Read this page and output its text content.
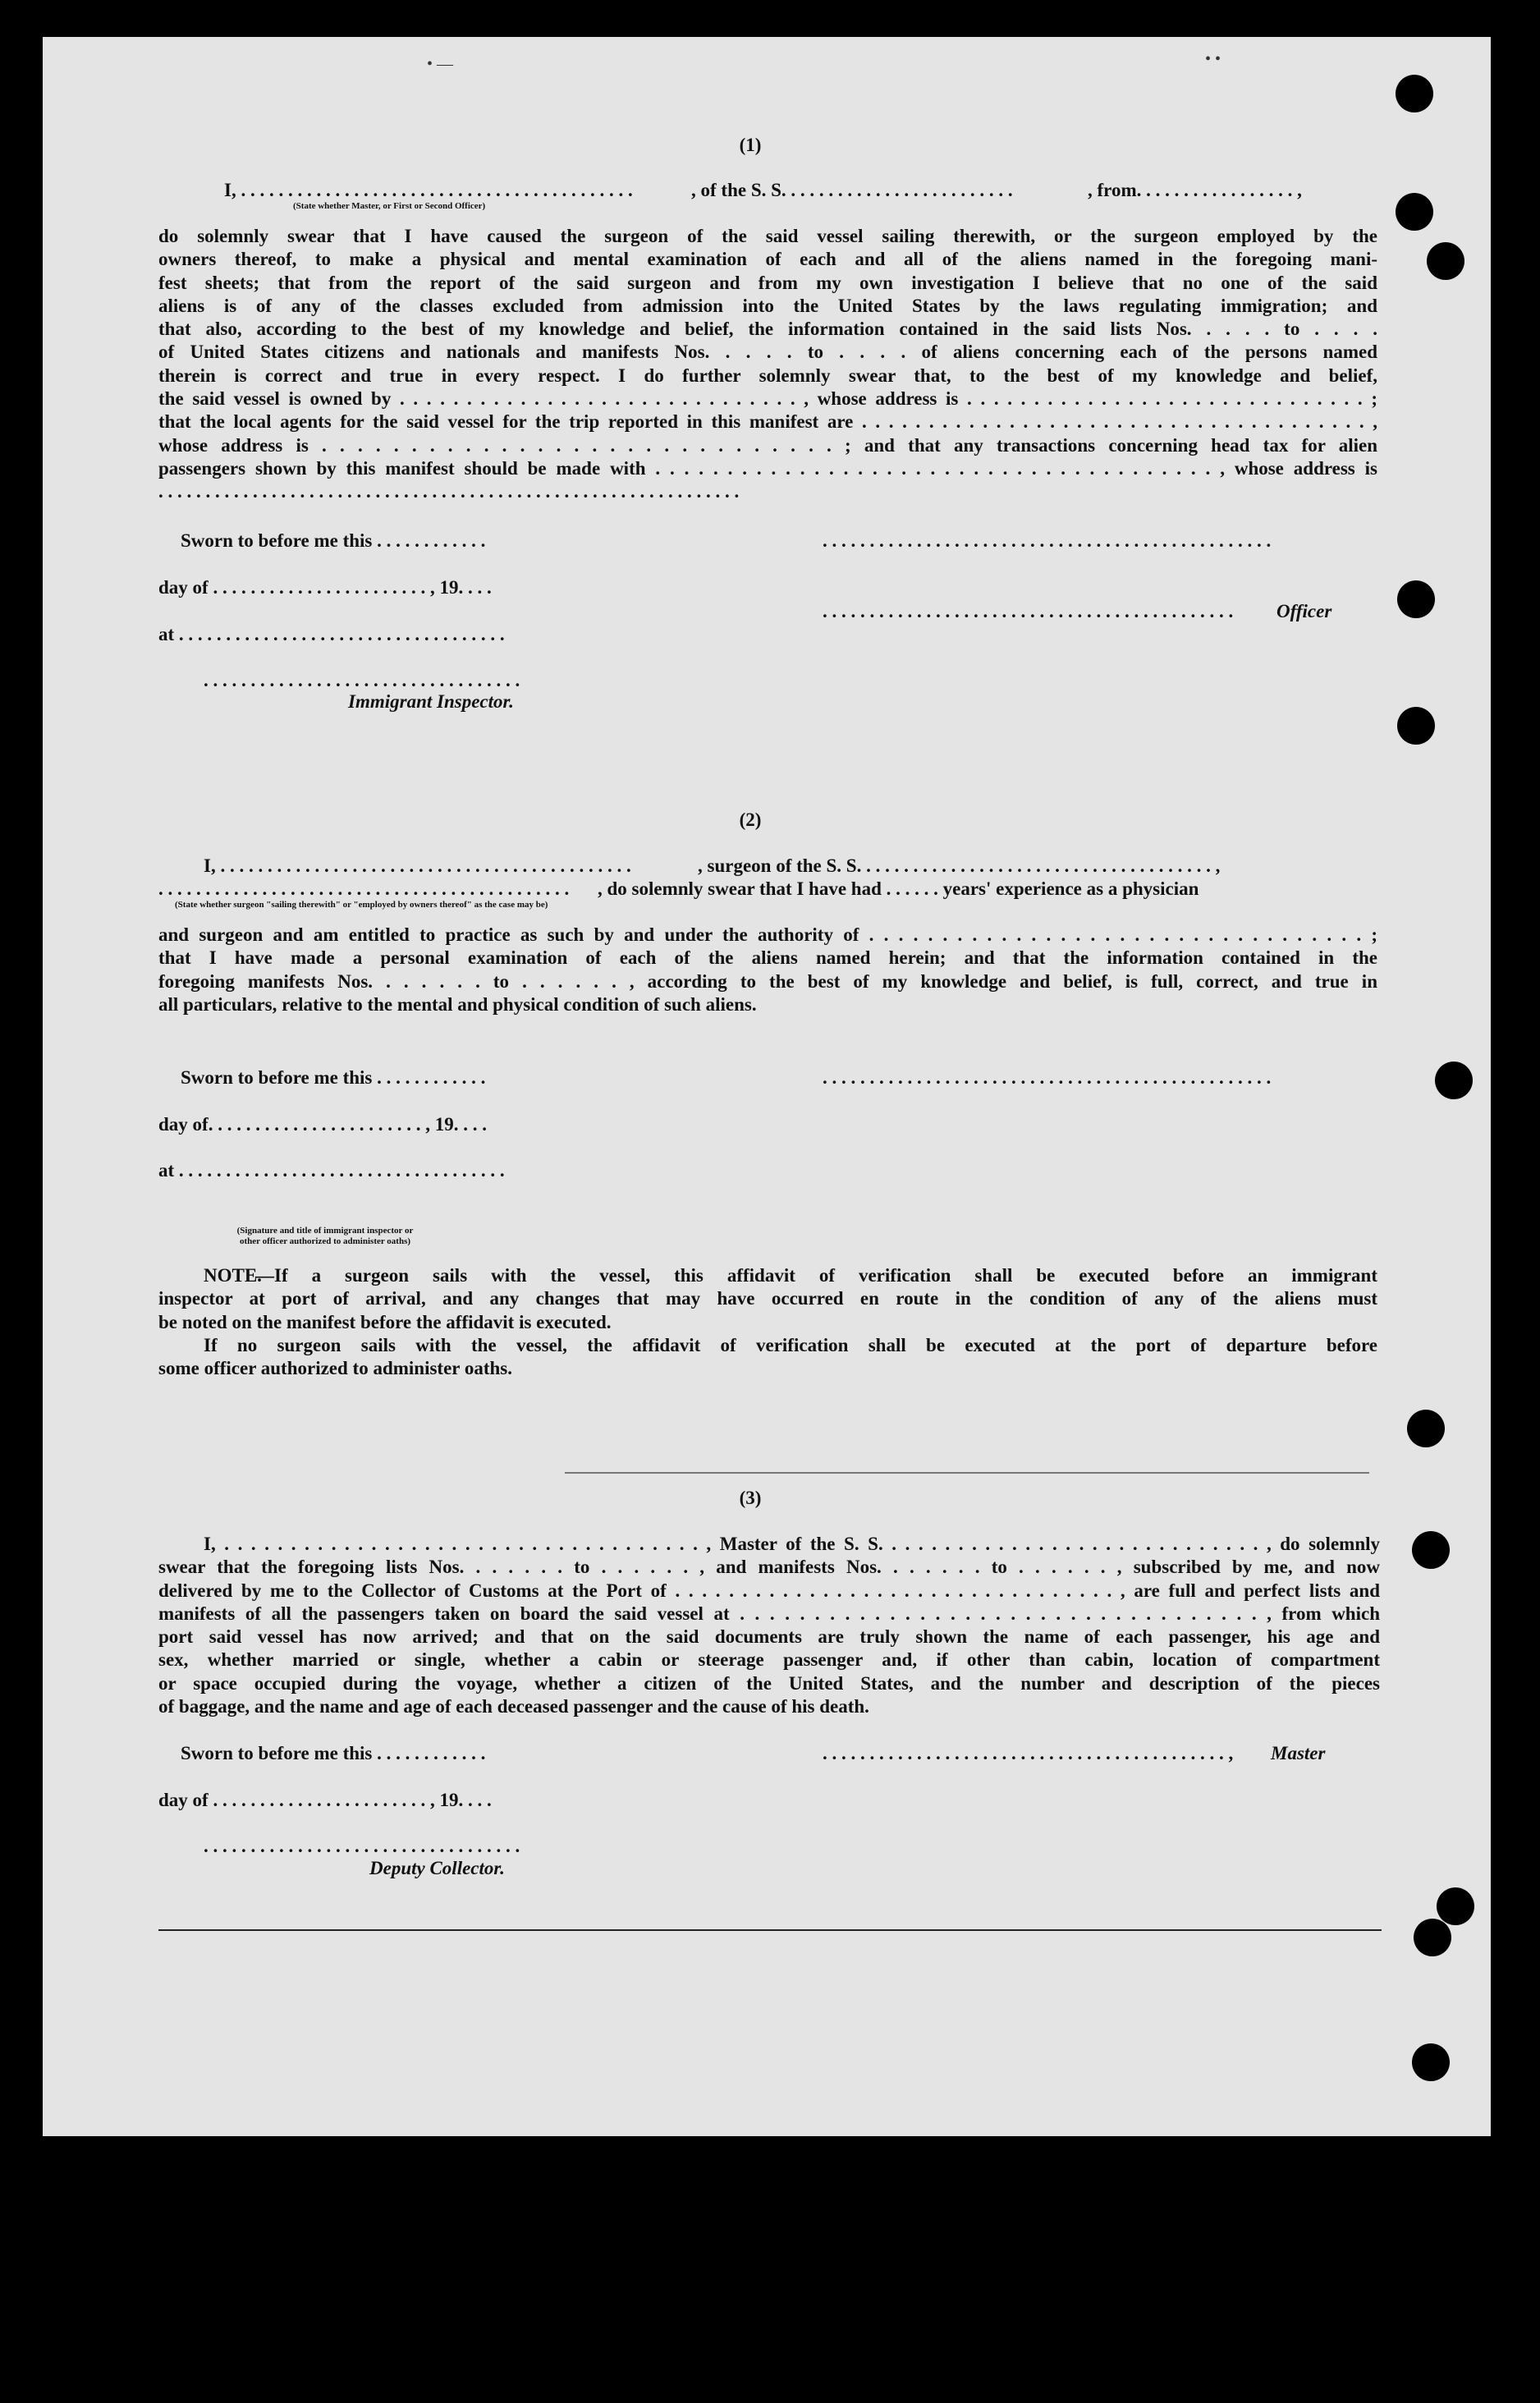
• —	• •
(1)
I, . . . . . . . . . . . . . . . . . . . . . . . . . . . . . . . . . . . . . . . . . .	, of the S. S. . . . . . . . . . . . . . . . . . . . . . . . .	, from. . . . . . . . . . . . . . . . . ,
(State whether Master, or First or Second Officer)
do solemnly swear that I have caused the surgeon of the said vessel sailing therewith, or the surgeon employed by the
owners thereof, to make a physical and mental examination of each and all of the aliens named in the foregoing mani-
fest sheets; that from the report of the said surgeon and from my own investigation I believe that no one of the said
aliens is of any of the classes excluded from admission into the United States by the laws regulating immigration; and
that also, according to the best of my knowledge and belief, the information contained in the said lists Nos. . . . . to . . . .
of United States citizens and nationals and manifests Nos. . . . . to . . . . of aliens concerning each of the persons named
therein is correct and true in every respect. I do further solemnly swear that, to the best of my knowledge and belief,
the said vessel is owned by . . . . . . . . . . . . . . . . . . . . . . . . . . . . . . , whose address is . . . . . . . . . . . . . . . . . . . . . . . . . . . . . . ;
that the local agents for the said vessel for the trip reported in this manifest are . . . . . . . . . . . . . . . . . . . . . . . . . . . . . . . . . . . . . . ,
whose address is . . . . . . . . . . . . . . . . . . . . . . . . . . . . . ; and that any transactions concerning head tax for alien
passengers shown by this manifest should be made with . . . . . . . . . . . . . . . . . . . . . . . . . . . . . . . . . . . . . . . , whose address is
. . . . . . . . . . . . . . . . . . . . . . . . . . . . . . . . . . . . . . . . . . . . . . . . . . . . . . . . . . . . . .
Sworn to before me this . . . . . . . . . . . .	. . . . . . . . . . . . . . . . . . . . . . . . . . . . . . . . . . . . . . . . . . . . . . . .
day of . . . . . . . . . . . . . . . . . . . . . . . , 19. . . .
. . . . . . . . . . . . . . . . . . . . . . . . . . . . . . . . . . . . . . . . . . . . Officer
at . . . . . . . . . . . . . . . . . . . . . . . . . . . . . . . . . . .
. . . . . . . . . . . . . . . . . . . . . . . . . . . . . . . . . .
Immigrant Inspector.
(2)
I, . . . . . . . . . . . . . . . . . . . . . . . . . . . . . . . . . . . . . . . . . . . .	, surgeon of the S. S. . . . . . . . . . . . . . . . . . . . . . . . . . . . . . . . . . . . . . ,
. . . . . . . . . . . . . . . . . . . . . . . . . . . . . . . . . . . . . . . . . . . . , do solemnly swear that I have had . . . . . . years' experience as a physician
(State whether surgeon "sailing therewith" or "employed by owners thereof" as the case may be)
and surgeon and am entitled to practice as such by and under the authority of . . . . . . . . . . . . . . . . . . . . . . . . . . . . . . . . . . ;
that I have made a personal examination of each of the aliens named herein; and that the information contained in the
foregoing manifests Nos. . . . . . . to . . . . . . , according to the best of my knowledge and belief, is full, correct, and true in
all particulars, relative to the mental and physical condition of such aliens.
Sworn to before me this . . . . . . . . . . . .	. . . . . . . . . . . . . . . . . . . . . . . . . . . . . . . . . . . . . . . . . . . . . . . .
day of. . . . . . . . . . . . . . . . . . . . . . . , 19. . . .
at . . . . . . . . . . . . . . . . . . . . . . . . . . . . . . . . . . .
(Signature and title of immigrant inspector or other officer authorized to administer oaths)
NOTE.
—If a surgeon sails with the vessel, this affidavit of verification shall be executed before an immigrant
inspector at port of arrival, and any changes that may have occurred en route in the condition of any of the aliens must
be noted on the manifest before the affidavit is executed.
If no surgeon sails with the vessel, the affidavit of verification shall be executed at the port of departure before
some officer authorized to administer oaths.
(3)
I, . . . . . . . . . . . . . . . . . . . . . . . . . . . . . . . . . . . . , Master of the S. S. . . . . . . . . . . . . . . . . . . . . . . . . . . . . , do solemnly
swear that the foregoing lists Nos. . . . . . . to . . . . . . , and manifests Nos. . . . . . . to . . . . . . , subscribed by me, and now
delivered by me to the Collector of Customs at the Port of . . . . . . . . . . . . . . . . . . . . . . . . . . . . . . . . . , are full and perfect lists and
manifests of all the passengers taken on board the said vessel at . . . . . . . . . . . . . . . . . . . . . . . . . . . . . . . . . . . , from which
port said vessel has now arrived; and that on the said documents are truly shown the name of each passenger, his age and
sex, whether married or single, whether a cabin or steerage passenger and, if other than cabin, location of compartment
or space occupied during the voyage, whether a citizen of the United States, and the number and description of the pieces
of baggage, and the name and age of each deceased passenger and the cause of his death.
Sworn to before me this . . . . . . . . . . . .	. . . . . . . . . . . . . . . . . . . . . . . . . . . . . . . . . . . . . . . . . . . , Master
day of . . . . . . . . . . . . . . . . . . . . . . . , 19. . . .
. . . . . . . . . . . . . . . . . . . . . . . . . . . . . . . . . .
Deputy Collector.
